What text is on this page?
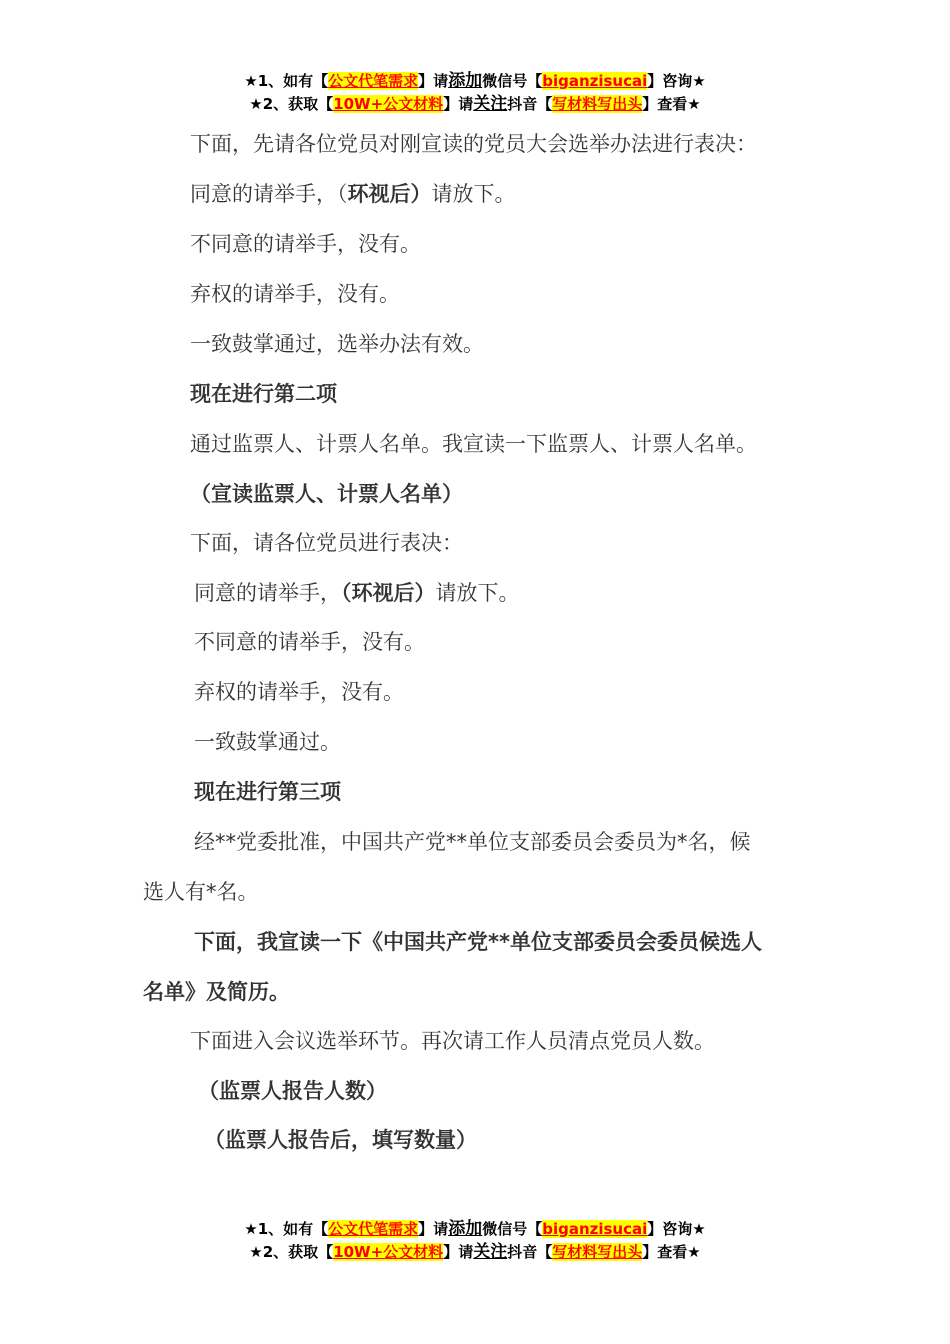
★1、如有【公文代笔需求】请添加微信号【biganzisucai】咨询★
★2、获取【10W+公文材料】请关注抖音【写材料写出头】查看★
下面，先请各位党员对刚宣读的党员大会选举办法进行表决：
同意的请举手，（环视后）请放下。
不同意的请举手，没有。
弃权的请举手，没有。
一致鼓掌通过，选举办法有效。
现在进行第二项
通过监票人、计票人名单。我宣读一下监票人、计票人名单。
（宣读监票人、计票人名单）
下面，请各位党员进行表决：
同意的请举手，（环视后）请放下。
不同意的请举手，没有。
弃权的请举手，没有。
一致鼓掌通过。
现在进行第三项
经**党委批准，中国共产党**单位支部委员会委员为*名，候
选人有*名。
下面，我宣读一下《中国共产党**单位支部委员会委员候选人
名单》及简历。
下面进入会议选举环节。再次请工作人员清点党员人数。
（监票人报告人数）
（监票人报告后，填写数量）
★1、如有【公文代笔需求】请添加微信号【biganzisucai】咨询★
★2、获取【10W+公文材料】请关注抖音【写材料写出头】查看★
